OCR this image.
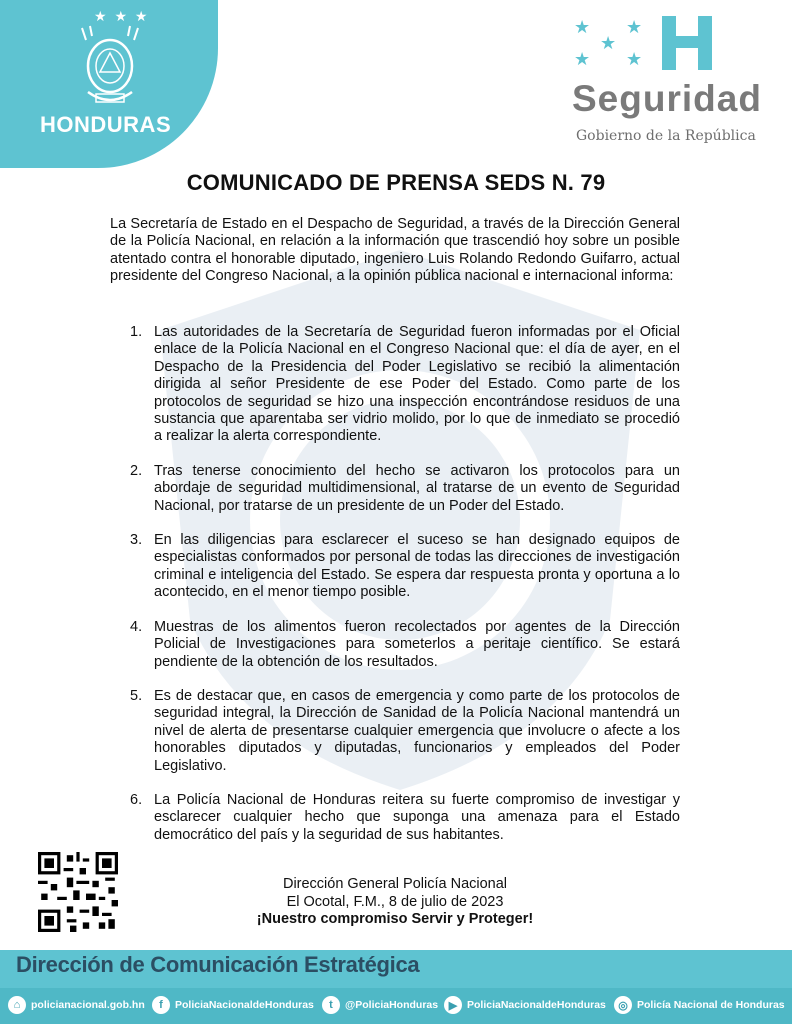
★ ★ ★
HONDURAS
★ ★
★
★ ★
Seguridad
Gobierno de la República
COMUNICADO DE PRENSA SEDS N. 79
La Secretaría de Estado en el Despacho de Seguridad, a través de la Dirección General de la Policía Nacional, en relación a la información que trascendió hoy sobre un posible atentado contra el honorable diputado, ingeniero Luis Rolando Redondo Guifarro, actual presidente del Congreso Nacional, a la opinión pública nacional e internacional informa:
1. Las autoridades de la Secretaría de Seguridad fueron informadas por el Oficial enlace de la Policía Nacional en el Congreso Nacional que: el día de ayer, en el Despacho de la Presidencia del Poder Legislativo se recibió la alimentación dirigida al señor Presidente de ese Poder del Estado. Como parte de los protocolos de seguridad se hizo una inspección encontrándose residuos de una sustancia que aparentaba ser vidrio molido, por lo que de inmediato se procedió a realizar la alerta correspondiente.
2. Tras tenerse conocimiento del hecho se activaron los protocolos para un abordaje de seguridad multidimensional, al tratarse de un evento de Seguridad Nacional, por tratarse de un presidente de un Poder del Estado.
3. En las diligencias para esclarecer el suceso se han designado equipos de especialistas conformados por personal de todas las direcciones de investigación criminal e inteligencia del Estado. Se espera dar respuesta pronta y oportuna a lo acontecido, en el menor tiempo posible.
4. Muestras de los alimentos fueron recolectados por agentes de la Dirección Policial de Investigaciones para someterlos a peritaje científico. Se estará pendiente de la obtención de los resultados.
5. Es de destacar que, en casos de emergencia y como parte de los protocolos de seguridad integral, la Dirección de Sanidad de la Policía Nacional mantendrá un nivel de alerta de presentarse cualquier emergencia que involucre o afecte a los honorables diputados y diputadas, funcionarios y empleados del Poder Legislativo.
6. La Policía Nacional de Honduras reitera su fuerte compromiso de investigar y esclarecer cualquier hecho que suponga una amenaza para el Estado democrático del país y la seguridad de sus habitantes.
Dirección General Policía Nacional
El Ocotal, F.M., 8 de julio de 2023
¡Nuestro compromiso Servir y Proteger!
Dirección de Comunicación Estratégica
⌂	policianacional.gob.hn	f	PoliciaNacionaldeHonduras	t	@PoliciaHonduras ▶ PoliciaNacionaldeHonduras	◎ Policía Nacional de Honduras
